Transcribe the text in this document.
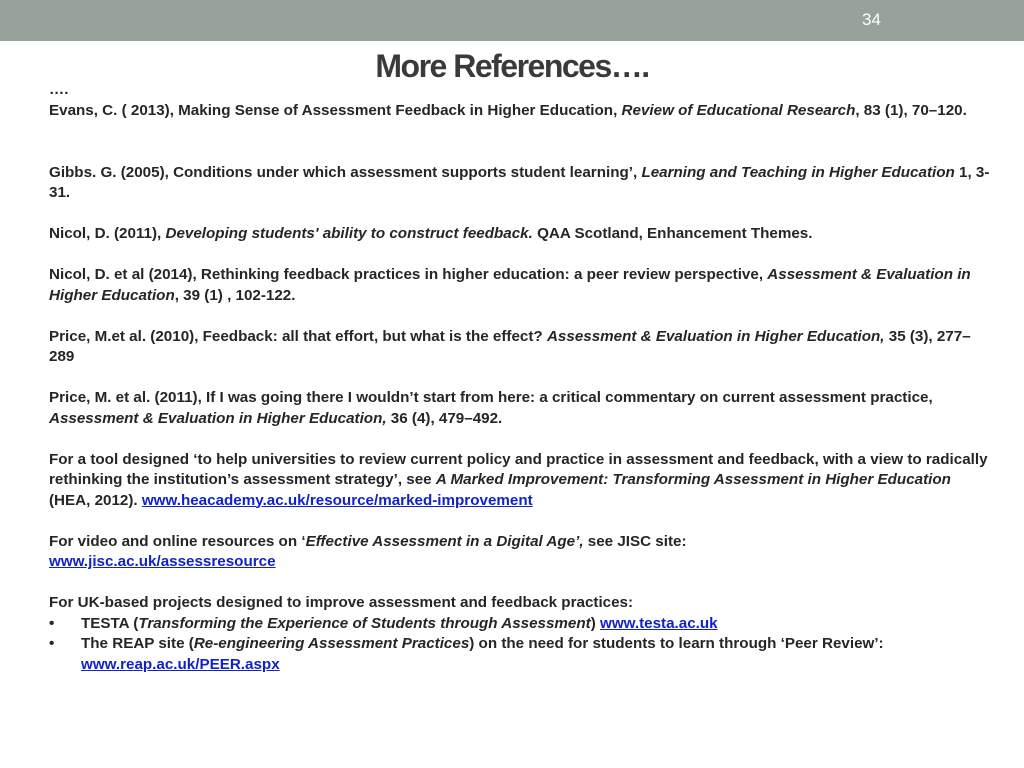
34
More References….

….

Evans, C. ( 2013), Making Sense of Assessment Feedback in Higher Education, Review of Educational Research, 83 (1), 70–120.

Gibbs. G. (2005), Conditions under which assessment supports student learning’, Learning and Teaching in Higher Education 1, 3-31.

Nicol, D. (2011), Developing students' ability to construct feedback. QAA Scotland, Enhancement Themes.

Nicol, D. et al (2014), Rethinking feedback practices in higher education: a peer review perspective, Assessment & Evaluation in Higher Education, 39 (1) , 102-122.

Price, M.et al. (2010), Feedback: all that effort, but what is the effect? Assessment & Evaluation in Higher Education, 35 (3), 277–289

Price, M. et al. (2011), If I was going there I wouldn’t start from here: a critical commentary on current assessment practice, Assessment & Evaluation in Higher Education, 36 (4), 479–492.

For a tool designed ‘to help universities to review current policy and practice in assessment and feedback, with a view to radically rethinking the institution’s assessment strategy’, see A Marked Improvement: Transforming Assessment in Higher Education (HEA, 2012). www.heacademy.ac.uk/resource/marked-improvement

For video and online resources on ‘Effective Assessment in a Digital Age’, see JISC site:
www.jisc.ac.uk/assessresource

For UK-based projects designed to improve assessment and feedback practices:

•	TESTA (Transforming the Experience of Students through Assessment) www.testa.ac.uk
•	The REAP site (Re-engineering Assessment Practices) on the need for students to learn through ‘Peer Review’:
www.reap.ac.uk/PEER.aspx
